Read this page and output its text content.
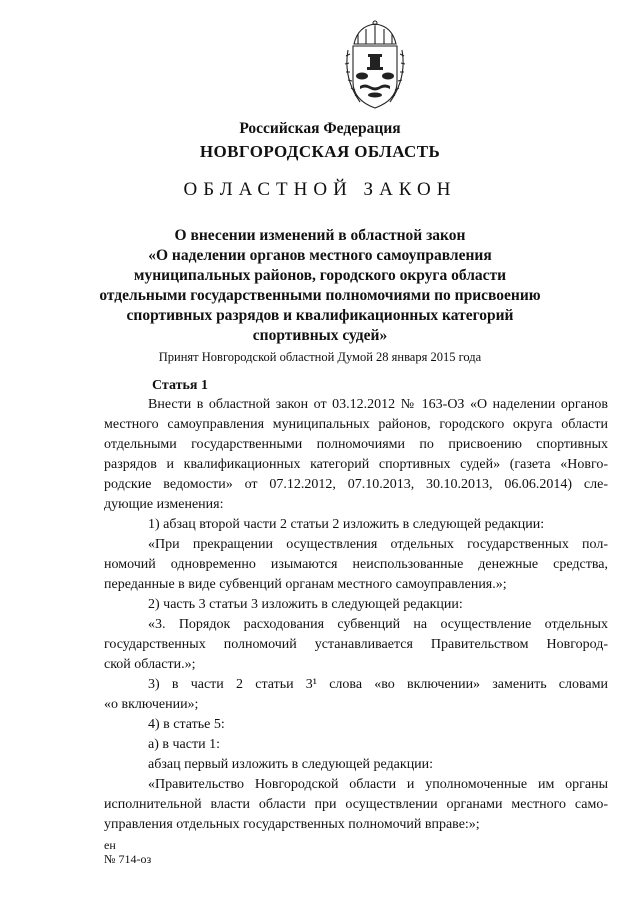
Российская Федерация
НОВГОРОДСКАЯ ОБЛАСТЬ
ОБЛАСТНОЙ ЗАКОН
О внесении изменений в областной закон
«О наделении органов местного самоуправления
муниципальных районов, городского округа области
отдельными государственными полномочиями по присвоению
спортивных разрядов и квалификационных категорий
спортивных судей»
Принят Новгородской областной Думой 28 января 2015 года
Статья 1
Внести в областной закон от 03.12.2012 № 163-ОЗ «О наделении органов
местного самоуправления муниципальных районов, городского округа области
отдельными государственными полномочиями по присвоению спортивных
разрядов и квалификационных категорий спортивных судей» (газета «Новго-
родские ведомости» от 07.12.2012, 07.10.2013, 30.10.2013, 06.06.2014) сле-
дующие изменения:
1) абзац второй части 2 статьи 2 изложить в следующей редакции:
«При прекращении осуществления отдельных государственных пол-
номочий одновременно изымаются неиспользованные денежные средства,
переданные в виде субвенций органам местного самоуправления.»;
2) часть 3 статьи 3 изложить в следующей редакции:
«3. Порядок расходования субвенций на осуществление отдельных
государственных полномочий устанавливается Правительством Новгород-
ской области.»;
3) в части 2 статьи 3¹ слова «во включении» заменить словами
«о включении»;
4) в статье 5:
а) в части 1:
абзац первый изложить в следующей редакции:
«Правительство Новгородской области и уполномоченные им органы
исполнительной власти области при осуществлении органами местного само-
управления отдельных государственных полномочий вправе:»;
ен
№ 714-оз
